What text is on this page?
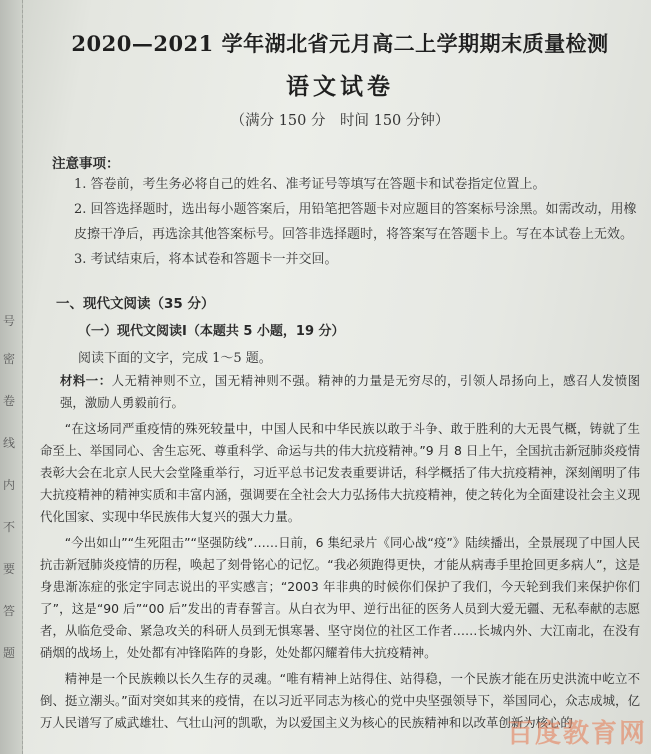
号
密
卷
线
内
不
要
答
题
2020—2021 学年湖北省元月高二上学期期末质量检测
语文试卷
（满分 150 分　时间 150 分钟）
注意事项：
1. 答卷前，考生务必将自己的姓名、准考证号等填写在答题卡和试卷指定位置上。
2. 回答选择题时，选出每小题答案后，用铅笔把答题卡对应题目的答案标号涂黑。如需改动，用橡皮擦干净后，再选涂其他答案标号。回答非选择题时，将答案写在答题卡上。写在本试卷上无效。
3. 考试结束后，将本试卷和答题卡一并交回。
一、现代文阅读（35 分）
（一）现代文阅读Ⅰ（本题共 5 小题，19 分）
阅读下面的文字，完成 1～5 题。
材料一：人无精神则不立，国无精神则不强。精神的力量是无穷尽的，引领人昂扬向上，感召人发愤图强，激励人勇毅前行。
“在这场同严重疫情的殊死较量中，中国人民和中华民族以敢于斗争、敢于胜利的大无畏气概，铸就了生命至上、举国同心、舍生忘死、尊重科学、命运与共的伟大抗疫精神。”9 月 8 日上午，全国抗击新冠肺炎疫情表彰大会在北京人民大会堂隆重举行，习近平总书记发表重要讲话，科学概括了伟大抗疫精神，深刻阐明了伟大抗疫精神的精神实质和丰富内涵，强调要在全社会大力弘扬伟大抗疫精神，使之转化为全面建设社会主义现代化国家、实现中华民族伟大复兴的强大力量。
“今出如山”“生死阻击”“坚强防线”……日前，6 集纪录片《同心战“疫”》陆续播出，全景展现了中国人民抗击新冠肺炎疫情的历程，唤起了刻骨铭心的记忆。“我必须跑得更快，才能从病毒手里抢回更多病人”，这是身患渐冻症的张定宇同志说出的平实感言；“2003 年非典的时候你们保护了我们，今天轮到我们来保护你们了”，这是“90 后”“00 后”发出的青春誓言。从白衣为甲、逆行出征的医务人员到大爱无疆、无私奉献的志愿者，从临危受命、紧急攻关的科研人员到无惧寒暑、坚守岗位的社区工作者……长城内外、大江南北，在没有硝烟的战场上，处处都有冲锋陷阵的身影，处处都闪耀着伟大抗疫精神。
精神是一个民族赖以长久生存的灵魂。“唯有精神上站得住、站得稳，一个民族才能在历史洪流中屹立不倒、挺立潮头。”面对突如其来的疫情，在以习近平同志为核心的党中央坚强领导下，举国同心，众志成城，亿万人民谱写了威武雄壮、气壮山河的凯歌，为以爱国主义为核心的民族精神和以改革创新为核心的
百度教育网
